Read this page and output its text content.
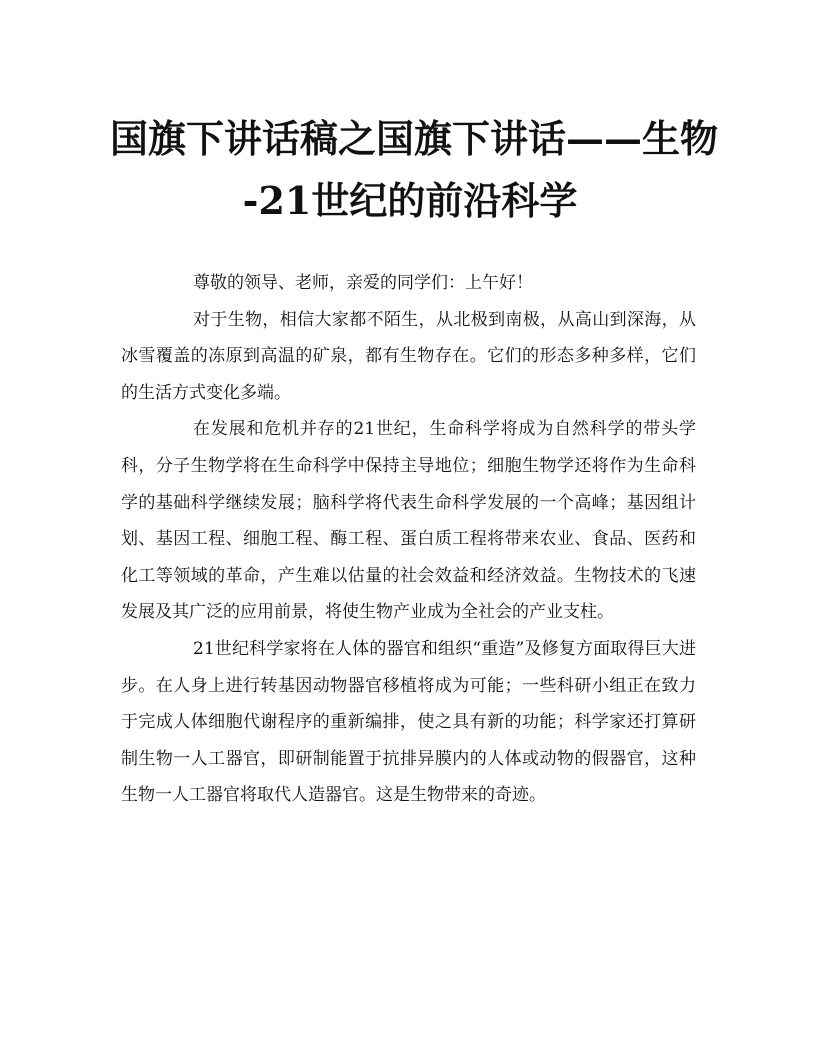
国旗下讲话稿之国旗下讲话——生物
-21世纪的前沿科学

尊敬的领导、老师，亲爱的同学们：上午好！

对于生物，相信大家都不陌生，从北极到南极，从高山到深海，从冰雪覆盖的冻原到高温的矿泉，都有生物存在。它们的形态多种多样，它们的生活方式变化多端。

在发展和危机并存的21世纪，生命科学将成为自然科学的带头学科，分子生物学将在生命科学中保持主导地位；细胞生物学还将作为生命科学的基础科学继续发展；脑科学将代表生命科学发展的一个高峰；基因组计划、基因工程、细胞工程、酶工程、蛋白质工程将带来农业、食品、医药和化工等领域的革命，产生难以估量的社会效益和经济效益。生物技术的飞速发展及其广泛的应用前景，将使生物产业成为全社会的产业支柱。

21世纪科学家将在人体的器官和组织“重造”及修复方面取得巨大进步。在人身上进行转基因动物器官移植将成为可能；一些科研小组正在致力于完成人体细胞代谢程序的重新编排，使之具有新的功能；科学家还打算研制生物一人工器官，即研制能置于抗排异膜内的人体或动物的假器官，这种生物一人工器官将取代人造器官。这是生物带来的奇迹。
